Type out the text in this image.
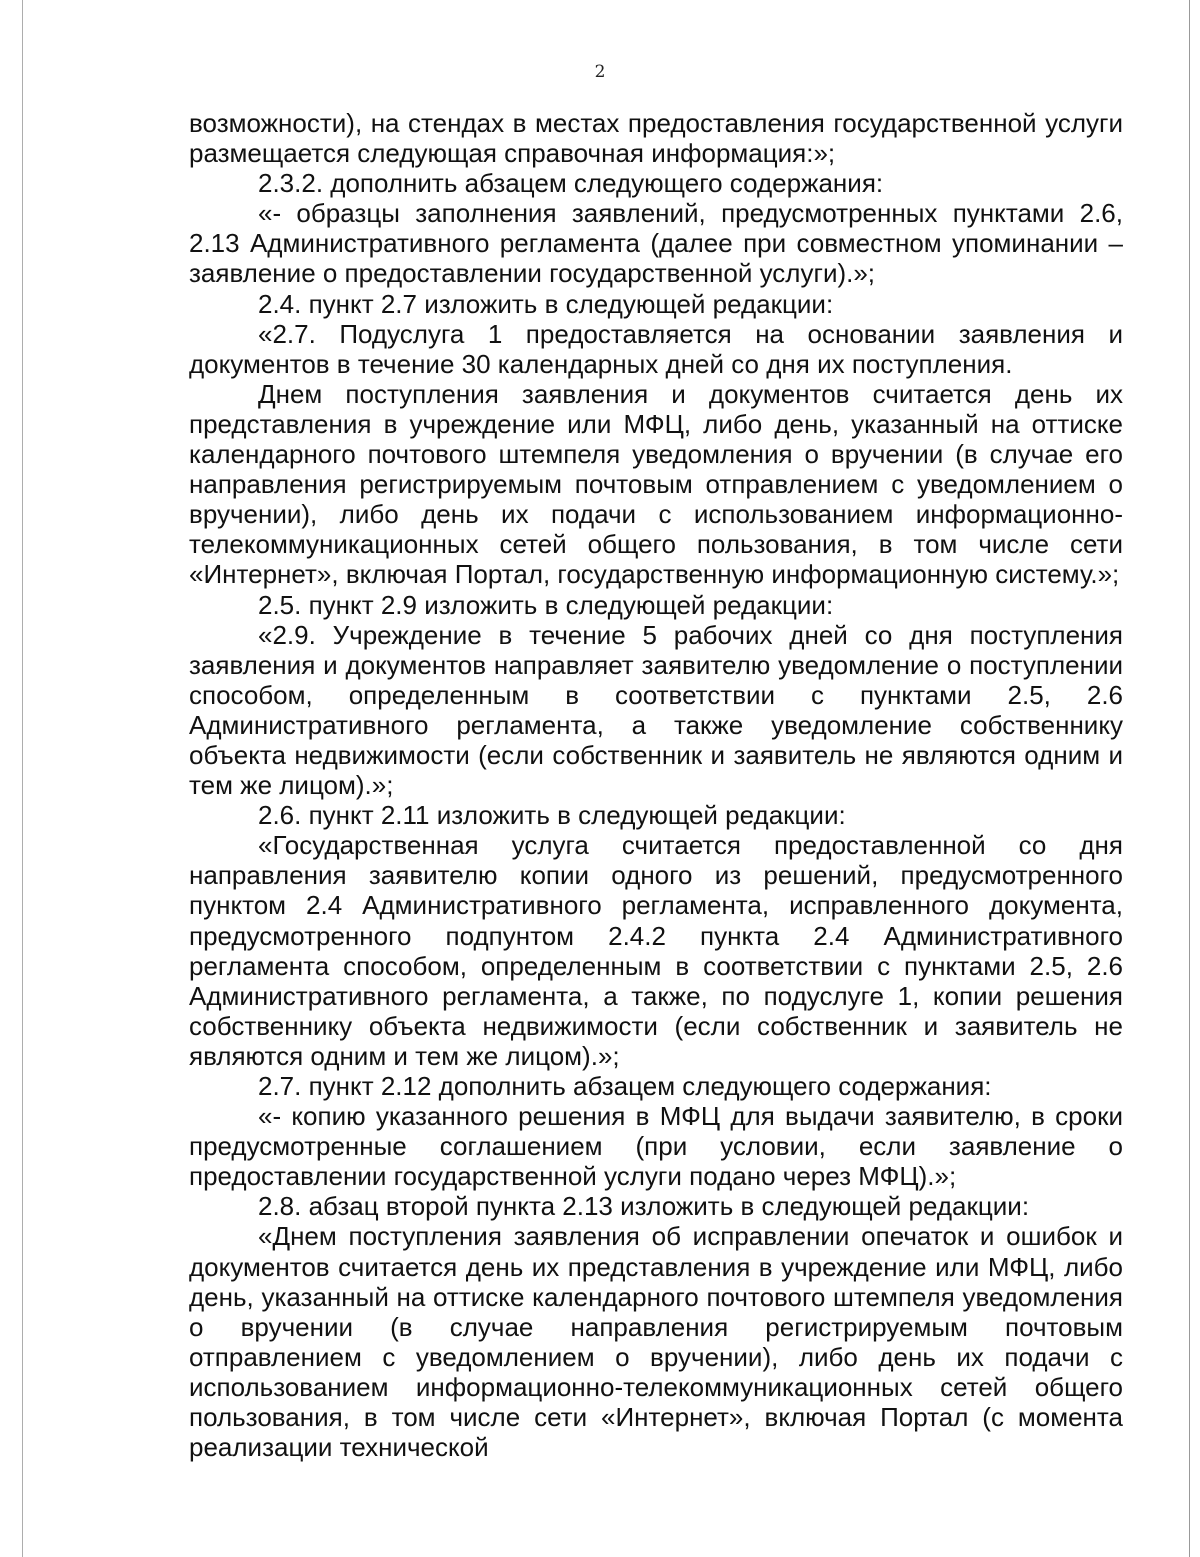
2

возможности), на стендах в местах предоставления государственной услуги размещается следующая справочная информация:»;

2.3.2. дополнить абзацем следующего содержания:

«- образцы заполнения заявлений, предусмотренных пунктами 2.6, 2.13 Административного регламента (далее при совместном упоминании – заявление о предоставлении государственной услуги).»;

2.4. пункт 2.7 изложить в следующей редакции:

«2.7. Подуслуга 1 предоставляется на основании заявления и документов в течение 30 календарных дней со дня их поступления.

Днем поступления заявления и документов считается день их представления в учреждение или МФЦ, либо день, указанный на оттиске календарного почтового штемпеля уведомления о вручении (в случае его направления регистрируемым почтовым отправлением с уведомлением о вручении), либо день их подачи с использованием информационно-телекоммуникационных сетей общего пользования, в том числе сети «Интернет», включая Портал, государственную информационную систему.»;

2.5. пункт 2.9 изложить в следующей редакции:

«2.9. Учреждение в течение 5 рабочих дней со дня поступления заявления и документов направляет заявителю уведомление о поступлении способом, определенным в соответствии с пунктами 2.5, 2.6 Административного регламента, а также уведомление собственнику объекта недвижимости (если собственник и заявитель не являются одним и тем же лицом).»;

2.6. пункт 2.11 изложить в следующей редакции:

«Государственная услуга считается предоставленной со дня направления заявителю копии одного из решений, предусмотренного пунктом 2.4 Административного регламента, исправленного документа, предусмотренного подпунтом 2.4.2 пункта 2.4 Административного регламента способом, определенным в соответствии с пунктами 2.5, 2.6 Административного регламента, а также, по подуслуге 1, копии решения собственнику объекта недвижимости (если собственник и заявитель не являются одним и тем же лицом).»;

2.7. пункт 2.12 дополнить абзацем следующего содержания:

«- копию указанного решения в МФЦ для выдачи заявителю, в сроки предусмотренные соглашением (при условии, если заявление о предоставлении государственной услуги подано через МФЦ).»;

2.8. абзац второй пункта 2.13 изложить в следующей редакции:

«Днем поступления заявления об исправлении опечаток и ошибок и документов считается день их представления в учреждение или МФЦ, либо день, указанный на оттиске календарного почтового штемпеля уведомления о вручении (в случае направления регистрируемым почтовым отправлением с уведомлением о вручении), либо день их подачи с использованием информационно-телекоммуникационных сетей общего пользования, в том числе сети «Интернет», включая Портал (с момента реализации технической
